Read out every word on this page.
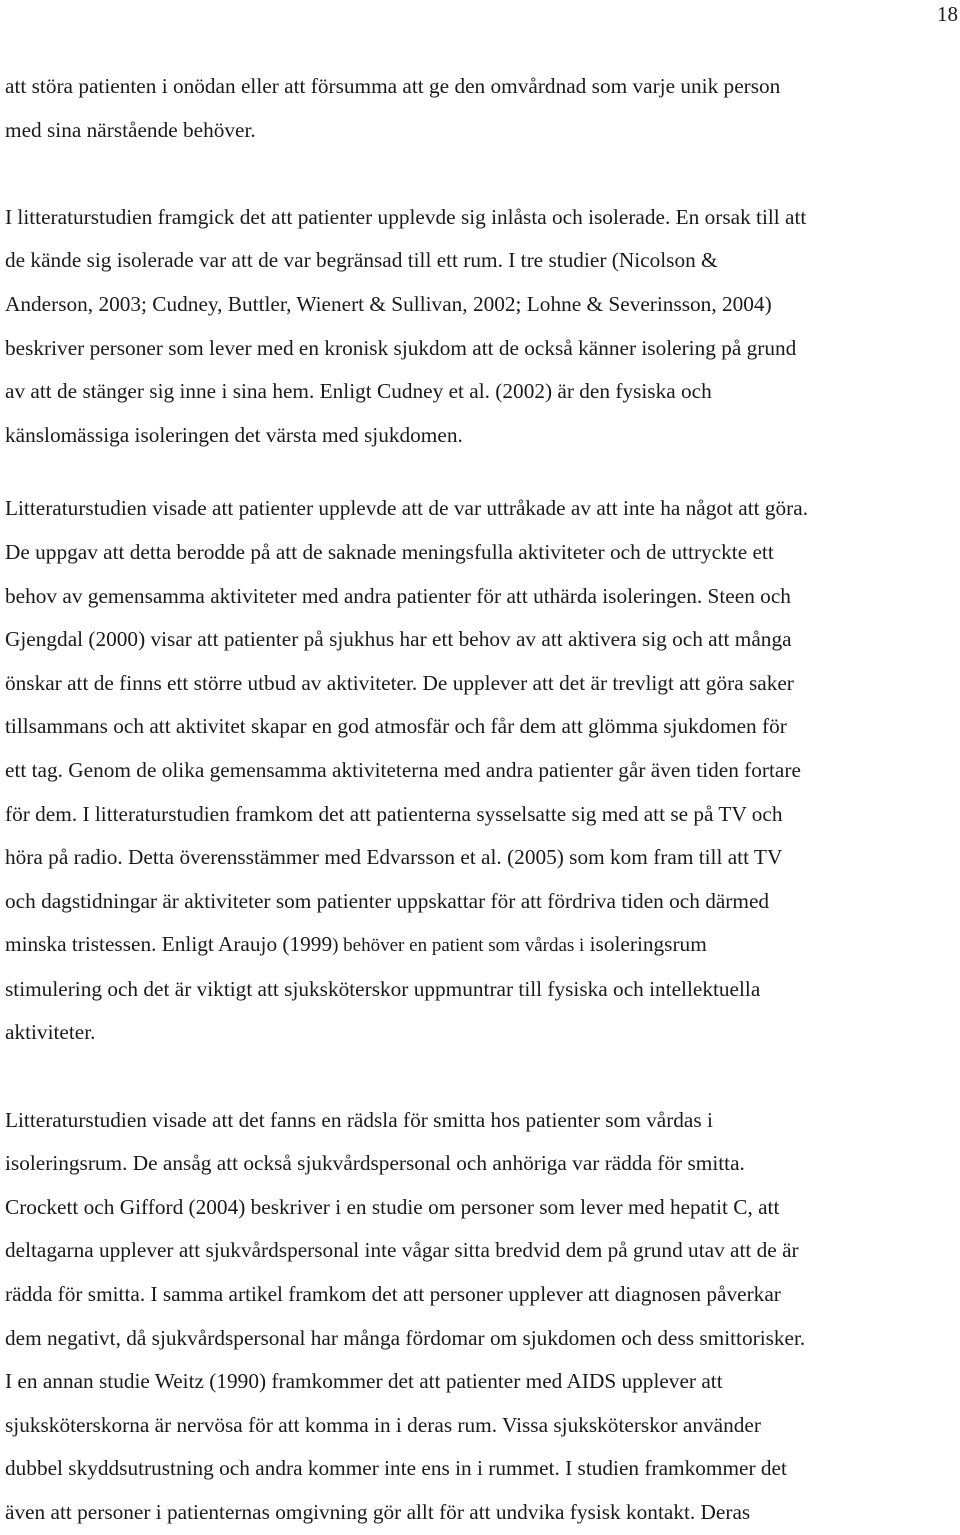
18

att störa patienten i onödan eller att försumma att ge den omvårdnad som varje unik person
med sina närstående behöver.

I litteraturstudien framgick det att patienter upplevde sig inlåsta och isolerade. En orsak till att
de kände sig isolerade var att de var begränsad till ett rum. I tre studier (Nicolson &
Anderson, 2003; Cudney, Buttler, Wienert & Sullivan, 2002; Lohne & Severinsson, 2004)
beskriver personer som lever med en kronisk sjukdom att de också känner isolering på grund
av att de stänger sig inne i sina hem. Enligt Cudney et al. (2002) är den fysiska och
känslomässiga isoleringen det värsta med sjukdomen.

Litteraturstudien visade att patienter upplevde att de var uttråkade av att inte ha något att göra.
De uppgav att detta berodde på att de saknade meningsfulla aktiviteter och de uttryckte ett
behov av gemensamma aktiviteter med andra patienter för att uthärda isoleringen. Steen och
Gjengdal (2000) visar att patienter på sjukhus har ett behov av att aktivera sig och att många
önskar att de finns ett större utbud av aktiviteter. De upplever att det är trevligt att göra saker
tillsammans och att aktivitet skapar en god atmosfär och får dem att glömma sjukdomen för
ett tag. Genom de olika gemensamma aktiviteterna med andra patienter går även tiden fortare
för dem. I litteraturstudien framkom det att patienterna sysselsatte sig med att se på TV och
höra på radio. Detta överensstämmer med Edvarsson et al. (2005) som kom fram till att TV
och dagstidningar är aktiviteter som patienter uppskattar för att fördriva tiden och därmed
minska tristessen. Enligt Araujo (1999) behöver en patient som vårdas i isoleringsrum
stimulering och det är viktigt att sjuksköterskor uppmuntrar till fysiska och intellektuella
aktiviteter.

Litteraturstudien visade att det fanns en rädsla för smitta hos patienter som vårdas i
isoleringsrum. De ansåg att också sjukvårdspersonal och anhöriga var rädda för smitta.
Crockett och Gifford (2004) beskriver i en studie om personer som lever med hepatit C, att
deltagarna upplever att sjukvårdspersonal inte vågar sitta bredvid dem på grund utav att de är
rädda för smitta. I samma artikel framkom det att personer upplever att diagnosen påverkar
dem negativt, då sjukvårdspersonal har många fördomar om sjukdomen och dess smittorisker.
I en annan studie Weitz (1990) framkommer det att patienter med AIDS upplever att
sjuksköterskorna är nervösa för att komma in i deras rum. Vissa sjuksköterskor använder
dubbel skyddsutrustning och andra kommer inte ens in i rummet. I studien framkommer det
även att personer i patienternas omgivning gör allt för att undvika fysisk kontakt. Deras
